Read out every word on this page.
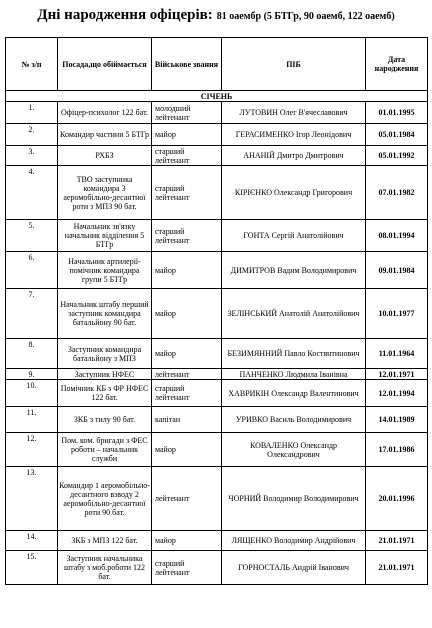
Дні народження офіцерів: 81 оаембр (5 БТГр, 90 оаемб, 122 оаемб)
№ з/п	Посада,що обіймається	Військове звання	ПІБ	Дата народження
СІЧЕНЬ				
1.	Офіцер-психолог 122 бат.	молодший лейтенант	ЛУТОВИН Олег В'ячеславович	01.01.1995
2.	Командир частини 5 БТГр	майор	ГЕРАСИМЕНКО Ігор Леонідович	05.01.1984
3.	РХБЗ	старший лейтенант	АНАНІЙ Дмитро Дмитрович	05.01.1992
4.	ТВО заступника командира 3 аеромобільно-десантної роти з МПЗ 90 бат.	старший лейтенант	КІРІЄНКО Олександр Григорович	07.01.1982
5.	Начальник зв'язку начальник відділення 5 БТГр	старший лейтенант	ГОНТА Сергій Анатолійович	08.01.1994
6.	Начальник артилерії-помічник командира групи 5 БТГр	майор	ДИМИТРОВ Вадим Володимирович	09.01.1984
7.	Начальник штабу перший заступник командира батальйону 90 бат.	майор	ЗЕЛІНСЬКИЙ Анатолій Анатолійович	10.01.1977
8.	Заступник командира батальйону з МПЗ	майор	БЕЗИМЯННИЙ Павло Костянтинович	11.01.1964
9.	Заступник НФЕС	лейтенант	ПАНЧЕНКО Людмила Іванівна	12.01.1971
10.	Помічник КБ з ФР НФЕС 122 бат.	старший лейтенант	ХАВРИКІН Олександр Валентинович	12.01.1994
11.	ЗКБ з тилу 90 бат.	капітан	УРИВКО Василь Володимирович	14.01.1989
12.	Пом. ком. бригади з ФЕС роботи – начальник служби	майор	КОВАЛЕНКО Олександр Олександрович	17.01.1986
13.	Командир 1 аеромобільно-десантного взводу 2 аеромобільно-десантної роти 90 бат.	лейтенант	ЧОРНИЙ Володимир Володимирович	20.01.1996
14.	ЗКБ з МПЗ 122 бат.	майор	ЛЯЩЕНКО Володимир Андрійович	21.01.1971
15.	Заступник начальника штабу з моб.роботи 122 бат.	старший лейтенант	ГОРНОСТАЛЬ Андрій Іванович	21.01.1971
